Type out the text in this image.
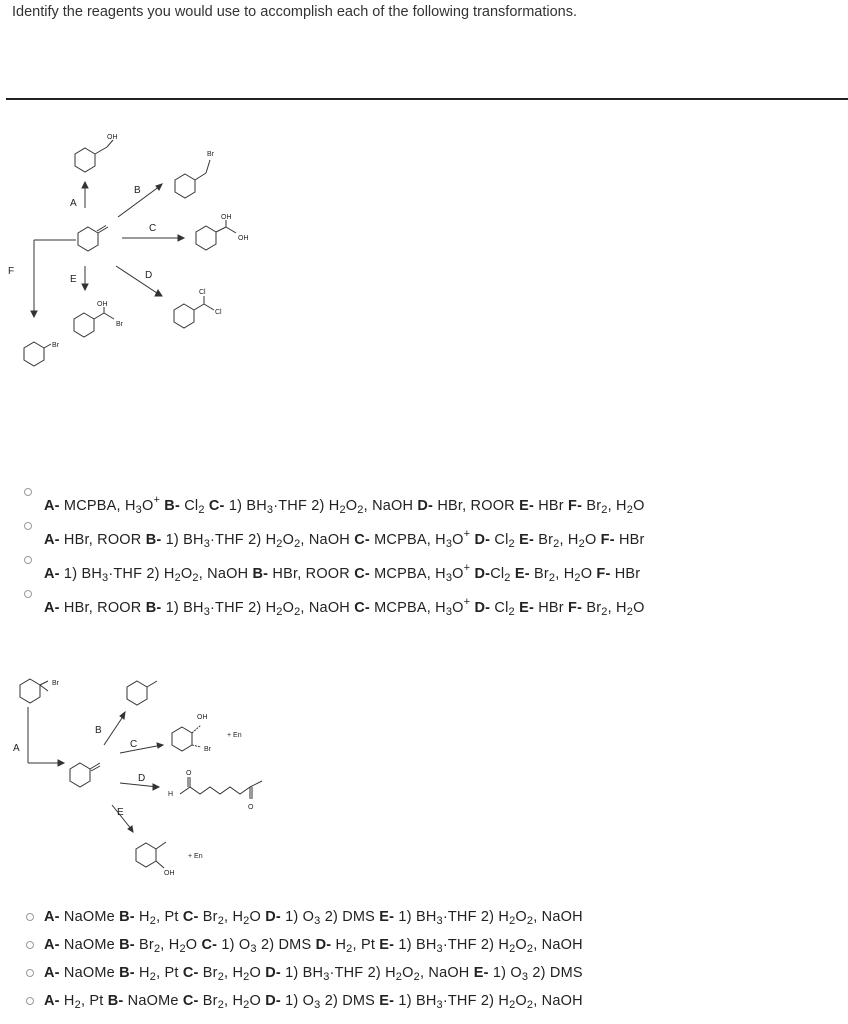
Identify the reagents you would use to accomplish each of the following transformations.
A
B
C
D
E
F
OH
Br
OH
OH
Cl
Cl
OH
Br
Br
A- MCPBA, $H_3O^+$ B- $Cl_2$ C- 1) $BH_3\cdot THF$ 2) $H_2O_2$, NaOH D- HBr, ROOR E- HBr F- $Br_2$, $H_2O$
A- HBr, ROOR B- 1) $BH_3\cdot THF$ 2) $H_2O_2$, NaOH C- MCPBA, $H_3O^+$ D- $Cl_2$ E- $Br_2$, $H_2O$ F- HBr
A- 1) $BH_3\cdot THF$ 2) $H_2O_2$, NaOH B- HBr, ROOR C- MCPBA, $H_3O^+$ $D-Cl_2$ E- $Br_2$, $H_2O$ F- HBr
A- HBr, ROOR B- 1) $BH_3\cdot THF$ 2) $H_2O_2$, NaOH C- MCPBA, $H_3O^+$ D- $Cl_2$ E- HBr F- $Br_2$, $H_2O$
A
B
C
D
E
Br
OH
Br
+ En
H
O
O
+ En
OH
A- NaOMe B- $H_2$, Pt C- $Br_2$, $H_2O$ D- 1) $O_3$ 2) DMS E- 1) $BH_3\cdot THF$ 2) $H_2O_2$, NaOH
A- NaOMe B- $Br_2$, $H_2O$ C- 1) $O_3$ 2) DMS D- $H_2$, Pt E- 1) $BH_3\cdot THF$ 2) $H_2O_2$, NaOH
A- NaOMe B- $H_2$, Pt C- $Br_2$, $H_2O$ D- 1) $BH_3\cdot THF$ 2) $H_2O_2$, NaOH E- 1) $O_3$ 2) DMS
A- $H_2$, Pt B- NaOMe C- $Br_2$, $H_2O$ D- 1) $O_3$ 2) DMS E- 1) $BH_3\cdot THF$ 2) $H_2O_2$, NaOH
